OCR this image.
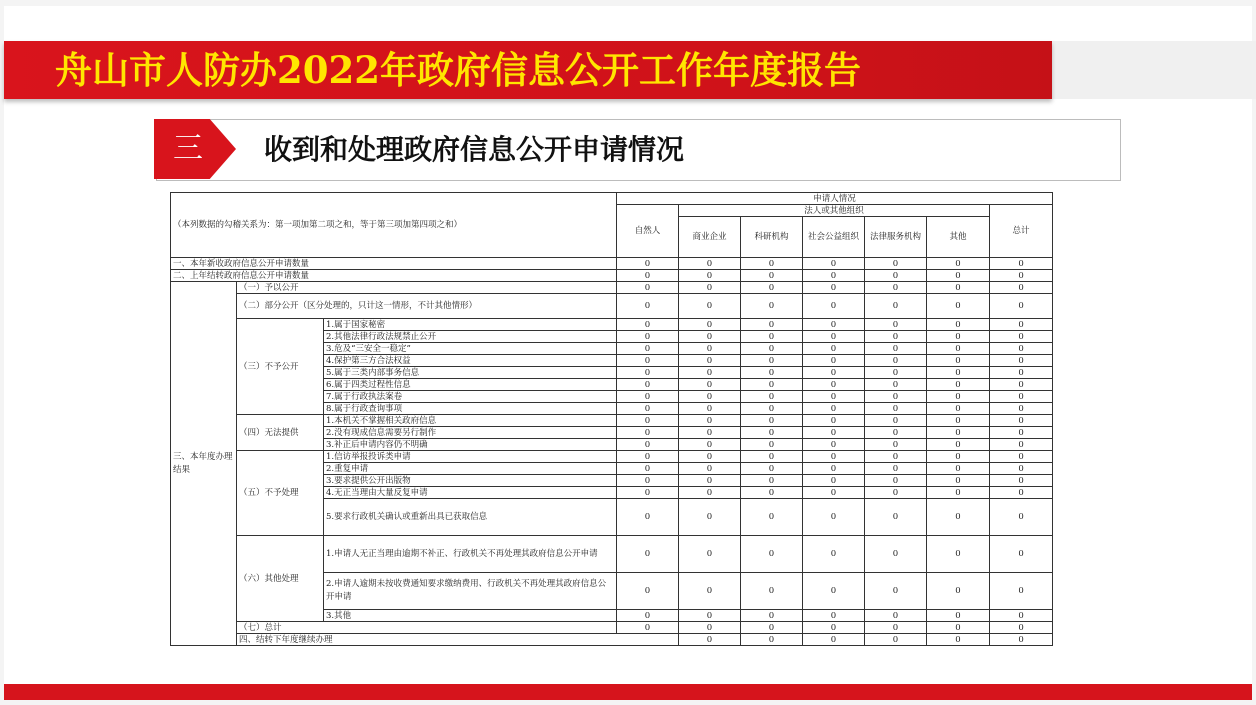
舟山市人防办2022年政府信息公开工作年度报告
三 收到和处理政府信息公开申请情况
（本列数据的勾稽关系为：第一项加第二项之和，等于第三项加第四项之和）			申请人情况							
			自然人	法人或其他组织					总计	
				商业企业	科研机构	社会公益组织	法律服务机构	其他		
一、本年新收政府信息公开申请数量			0	0	0	0	0	0	0	
二、上年结转政府信息公开申请数量			0	0	0	0	0	0	0	
三、本年度办理结果	（一）予以公开		0	0	0	0	0	0	0	
	（二）部分公开（区分处理的，只计这一情形，不计其他情形）		0	0	0	0	0	0	0	
	（三）不予公开	1.属于国家秘密	0	0	0	0	0	0	0	
		2.其他法律行政法规禁止公开	0	0	0	0	0	0	0	
		3.危及“三安全一稳定”	0	0	0	0	0	0	0	
		4.保护第三方合法权益	0	0	0	0	0	0	0	
		5.属于三类内部事务信息	0	0	0	0	0	0	0	
		6.属于四类过程性信息	0	0	0	0	0	0	0	
		7.属于行政执法案卷	0	0	0	0	0	0	0	
		8.属于行政查询事项	0	0	0	0	0	0	0	
	（四）无法提供	1.本机关不掌握相关政府信息	0	0	0	0	0	0	0	
		2.没有现成信息需要另行制作	0	0	0	0	0	0	0	
		3.补正后申请内容仍不明确	0	0	0	0	0	0	0	
	（五）不予处理	1.信访举报投诉类申请	0	0	0	0	0	0	0	
		2.重复申请	0	0	0	0	0	0	0	
		3.要求提供公开出版物	0	0	0	0	0	0	0	
		4.无正当理由大量反复申请	0	0	0	0	0	0	0	
		5.要求行政机关确认或重新出具已获取信息	0	0	0	0	0	0	0	
	（六）其他处理	1.申请人无正当理由逾期不补正、行政机关不再处理其政府信息公开申请	0	0	0	0	0	0	0	
		2.申请人逾期未按收费通知要求缴纳费用、行政机关不再处理其政府信息公开申请	0	0	0	0	0	0	0	
		3.其他	0	0	0	0	0	0	0	
	（七）总计		0	0	0	0	0	0	0	
	四、结转下年度继续办理			0	0	0	0	0	0	
